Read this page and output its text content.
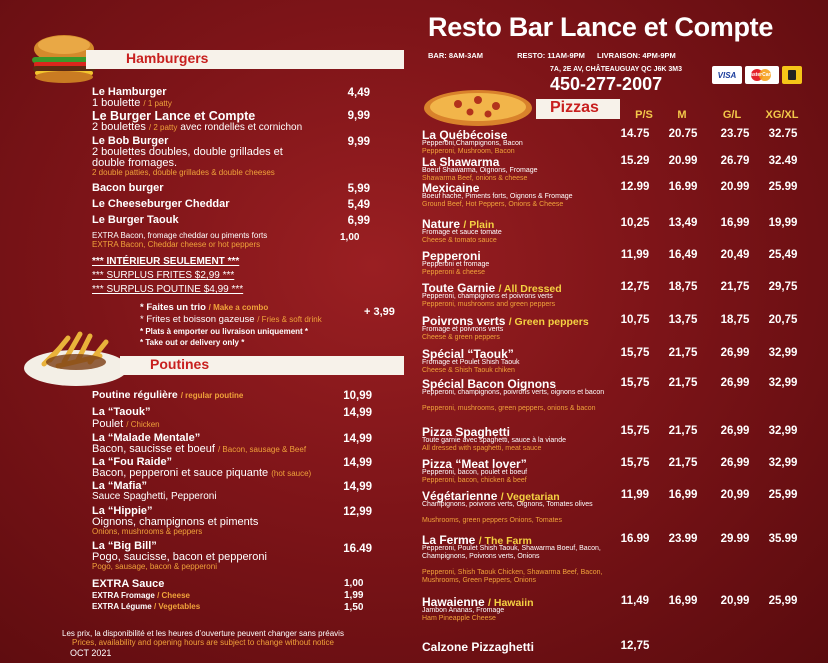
Resto Bar Lance et Compte
BAR: 8AM-3AM	RESTO: 11AM-9PM LIVRAISON: 4PM-9PM
7A, 2E AV, CHÂTEAUGUAY QC J6K 3M3
450-277-2007	VISA MasterCard
Hamburgers
Le Hamburger
1 boulette / 1 patty
4,49
Le Burger Lance et Compte
2 boulettes / 2 patty avec rondelles et cornichon
9,99
Le Bob Burger
2 boulettes doubles, double grillades et
double fromages.
2 double patties, double grillades & double cheeses
9,99
Bacon burger	5,99
Le Cheeseburger Cheddar	5,49
Le Burger Taouk	6,99
EXTRA Bacon, fromage cheddar ou piments forts
EXTRA Bacon, Cheddar cheese or hot peppers
1,00
*** INTÉRIEUR SEULEMENT ***
*** SURPLUS FRITES $2,99 ***
*** SURPLUS POUTINE $4,99 ***
* Faites un trio / Make a combo
* Frites et boisson gazeuse / Fries & soft drink
+ 3,99
* Plats à emporter ou livraison uniquement *
* Take out or delivery only *
Poutines
Poutine régulière / regular poutine	10,99
La “Taouk”
Poulet / Chicken
14,99
La “Malade Mentale”
Bacon, saucisse et boeuf / Bacon, sausage & Beef
14,99
La “Fou Raide”
Bacon, pepperoni et sauce piquante (hot sauce)
14,99
La “Mafia”
Sauce Spaghetti, Pepperoni
14,99
La “Hippie”
Oignons, champignons et piments
Onions, mushrooms & peppers
12,99
La “Big Bill”
Pogo, saucisse, bacon et pepperoni
Pogo, sausage, bacon & pepperoni
16.49
EXTRA Sauce	1,00
EXTRA Fromage / Cheese	1,99
EXTRA Légume / Vegetables	1,50
Les prix, la disponibilité et les heures d’ouverture peuvent changer sans préavis
Prices, availability and opening hours are subject to change without notice
OCT 2021
Pizzas	P/S	M	G/L	XG/XL
La Québécoise
Pepperoni,Champignons, Bacon
Pepperoni, Mushroom, Bacon
14.75	20.75	23.75	32.75
La Shawarma
Boeuf Shawarma, Oignons, Fromage
Shawarma Beef, onions & cheese
15.29	20.99	26.79	32.49
Mexicaine
Boeuf hache, Piments forts, Oignons & Fromage
Ground Beef, Hot Peppers, Onions & Cheese
12.99	16.99	20.99	25.99
Nature / Plain
Fromage et sauce tomate
Cheese & tomato sauce
10,25	13,49	16,99	19,99
Pepperoni
Pepperoni et fromage
Pepperoni & cheese
11,99	16,49	20,49	25,49
Toute Garnie / All Dressed
Pepperoni, champignons et poivrons verts
Pepperoni, mushrooms and green peppers
12,75	18,75	21,75	29,75
Poivrons verts / Green peppers
Fromage et poivrons verts
Cheese & green peppers
10,75	13,75	18,75	20,75
Spécial “Taouk”
Fromage et Poulet Shish Taouk
Cheese & Shish Taouk chiken
15,75	21,75	26,99	32,99
Spécial Bacon Oignons
Pepperoni, champignons, poivrons verts, oignons et bacon
Pepperoni, mushrooms, green peppers, onions & bacon
15,75	21,75	26,99	32,99
Pizza Spaghetti
Toute garnie avec spaghetti, sauce à la viande
All dressed with spaghetti, meat sauce
15,75	21,75	26,99	32,99
Pizza “Meat lover”
Pepperoni, bacon, poulet et boeuf
Pepperoni, bacon, chicken & beef
15,75	21,75	26,99	32,99
Végétarienne / Vegetarian
Champignons, poivrons verts, Oignons, Tomates olives
Mushrooms, green peppers Onions, Tomates
11,99	16,99	20,99	25,99
La Ferme / The Farm
Pepperoni, Poulet Shish Taouk, Shawarma Boeuf, Bacon, Champignons, Poivrons verts, Onions
Pepperoni, Shish Taouk Chicken, Shawarma Beef, Bacon, Mushrooms, Green Peppers, Onions
16.99	23.99	29.99	35.99
Hawaienne / Hawaiin
Jambon Ananas, Fromage
Ham Pineapple Cheese
11,49	16,99	20,99	25,99
Calzone Pizzaghetti	12,75
